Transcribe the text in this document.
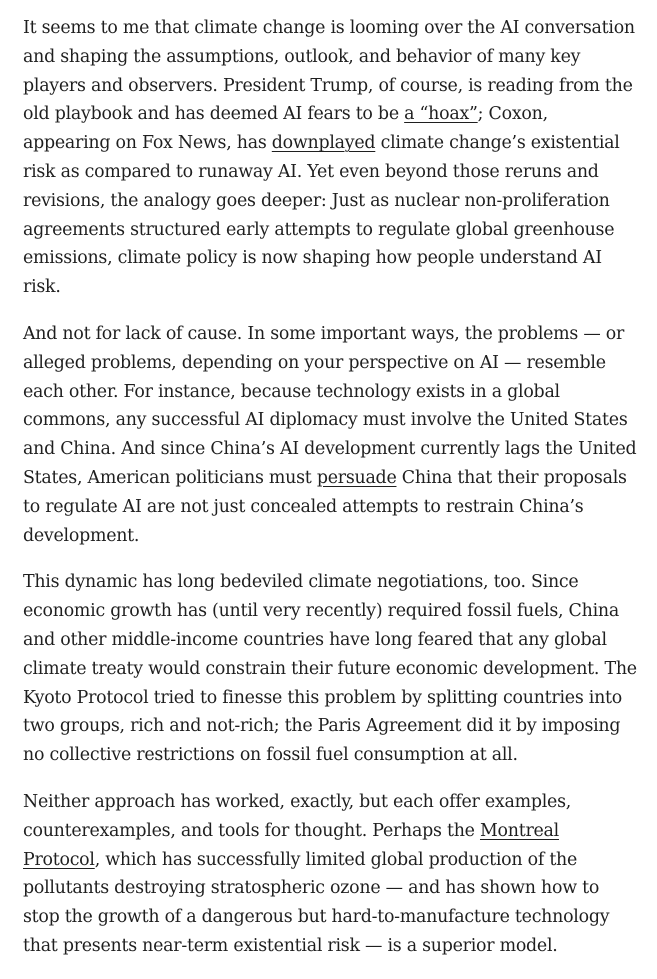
It seems to me that climate change is looming over the AI conversation and shaping the assumptions, outlook, and behavior of many key players and observers. President Trump, of course, is reading from the old playbook and has deemed AI fears to be a “hoax”; Coxon, appearing on Fox News, has downplayed climate change’s existential risk as compared to runaway AI. Yet even beyond those reruns and revisions, the analogy goes deeper: Just as nuclear non-proliferation agreements structured early attempts to regulate global greenhouse emissions, climate policy is now shaping how people understand AI risk.

And not for lack of cause. In some important ways, the problems — or alleged problems, depending on your perspective on AI — resemble each other. For instance, because technology exists in a global commons, any successful AI diplomacy must involve the United States and China. And since China’s AI development currently lags the United States, American politicians must persuade China that their proposals to regulate AI are not just concealed attempts to restrain China’s development.

This dynamic has long bedeviled climate negotiations, too. Since economic growth has (until very recently) required fossil fuels, China and other middle-income countries have long feared that any global climate treaty would constrain their future economic development. The Kyoto Protocol tried to finesse this problem by splitting countries into two groups, rich and not-rich; the Paris Agreement did it by imposing no collective restrictions on fossil fuel consumption at all.

Neither approach has worked, exactly, but each offer examples, counterexamples, and tools for thought. Perhaps the Montreal Protocol, which has successfully limited global production of the pollutants destroying stratospheric ozone — and has shown how to stop the growth of a dangerous but hard-to-manufacture technology that presents near-term existential risk — is a superior model.
